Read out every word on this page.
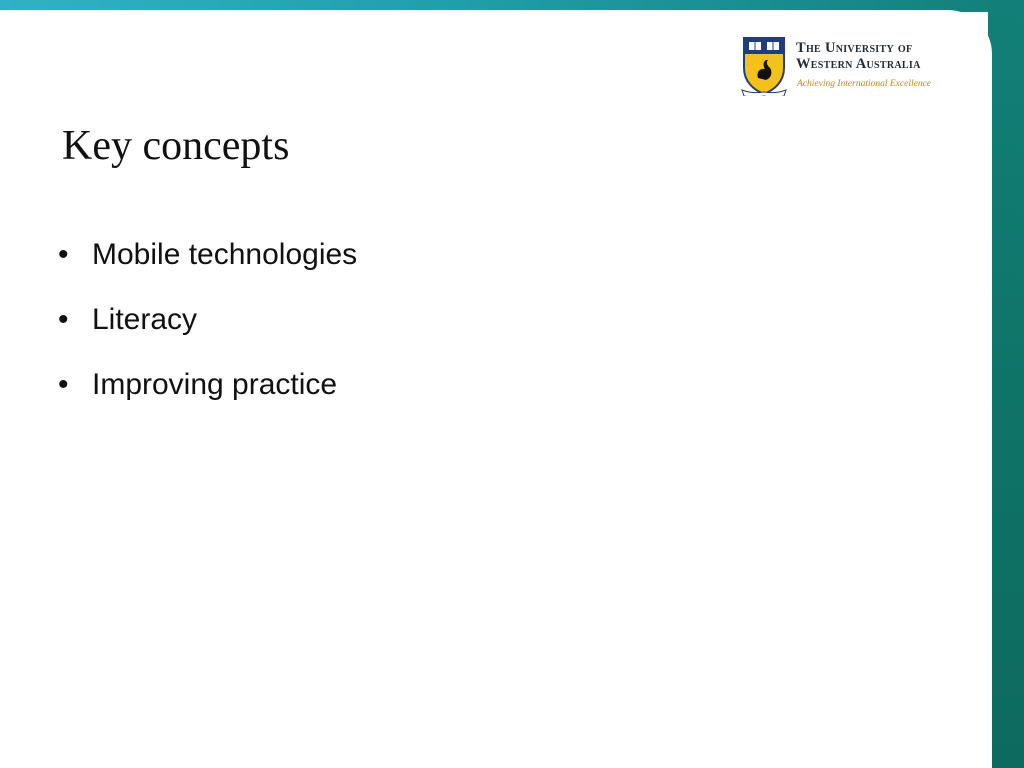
The University of
Western Australia
Achieving International Excellence
Key concepts
• Mobile technologies
• Literacy
• Improving practice
